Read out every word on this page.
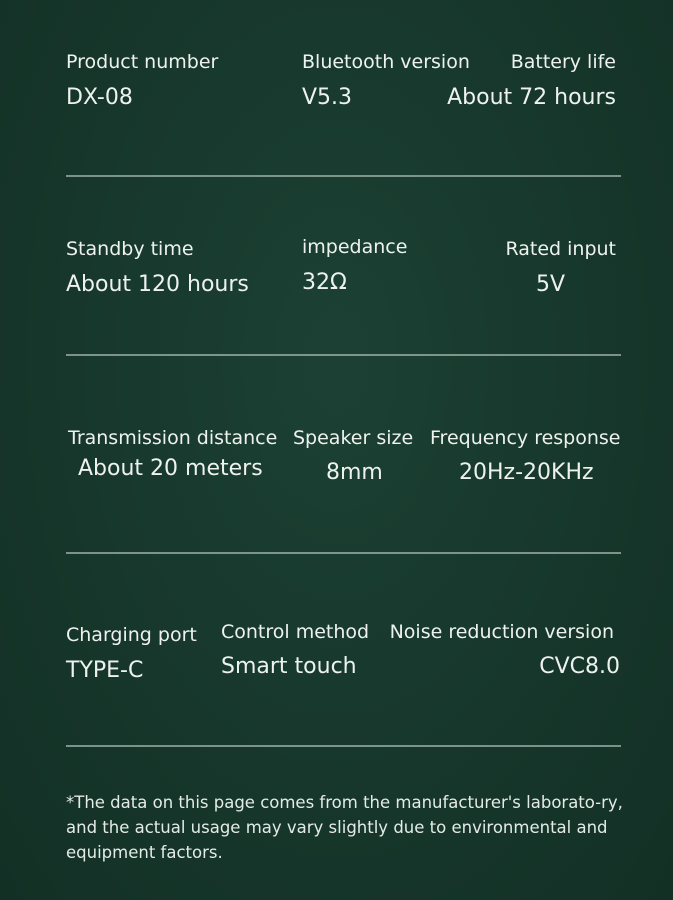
Product number
DX-08
Bluetooth version
V5.3
Battery life
About 72 hours
Standby time
About 120 hours
impedance
32Ω
Rated input
5V
Transmission distance
About 20 meters
Speaker size
8mm
Frequency response
20Hz-20KHz
Charging port
TYPE-C
Control method
Smart touch
Noise reduction version
CVC8.0

*The data on this page comes from the manufacturer's laborato-ry, and the actual usage may vary slightly due to environmental and equipment factors.
